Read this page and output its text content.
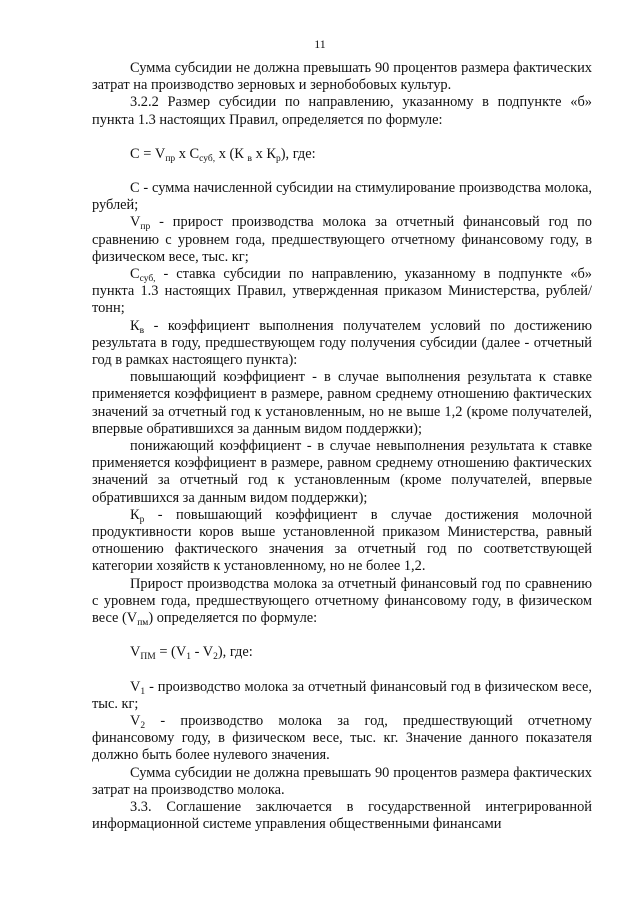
11

Сумма субсидии не должна превышать 90 процентов размера фактических затрат на производство зерновых и зернобобовых культур.

3.2.2 Размер субсидии по направлению, указанному в подпункте «б» пункта 1.3 настоящих Правил, определяется по формуле:

$С = V_{пр}$ х $С_{суб,}$ х (К $_в$ х $К_р$), где:

С - сумма начисленной субсидии на стимулирование производства молока, рублей;

$V_{пр}$ - прирост производства молока за отчетный финансовый год по сравнению с уровнем года, предшествующего отчетному финансовому году, в физическом весе, тыс. кг;

$С_{суб,}$ - ставка субсидии по направлению, указанному в подпункте «б» пункта 1.3 настоящих Правил, утвержденная приказом Министерства, рублей/тонн;

$К_в$ - коэффициент выполнения получателем условий по достижению результата в году, предшествующем году получения субсидии (далее - отчетный год в рамках настоящего пункта):

повышающий коэффициент - в случае выполнения результата к ставке применяется коэффициент в размере, равном среднему отношению фактических значений за отчетный год к установленным, но не выше 1,2 (кроме получателей, впервые обратившихся за данным видом поддержки);

понижающий коэффициент - в случае невыполнения результата к ставке применяется коэффициент в размере, равном среднему отношению фактических значений за отчетный год к установленным (кроме получателей, впервые обратившихся за данным видом поддержки);

$К_р$ - повышающий коэффициент в случае достижения молочной продуктивности коров выше установленной приказом Министерства, равный отношению фактического значения за отчетный год по соответствующей категории хозяйств к установленному, но не более 1,2.

Прирост производства молока за отчетный финансовый год по сравнению с уровнем года, предшествующего отчетному финансовому году, в физическом весе $(V_{пм})$ определяется по формуле:

$V_{ПМ} = (V_1 - V_2)$, где:

$V_1$ - производство молока за отчетный финансовый год в физическом весе, тыс. кг;

$V_2$ - производство молока за год, предшествующий отчетному финансовому году, в физическом весе, тыс. кг. Значение данного показателя должно быть более нулевого значения.

Сумма субсидии не должна превышать 90 процентов размера фактических затрат на производство молока.

3.3. Соглашение заключается в государственной интегрированной информационной системе управления общественными финансами
